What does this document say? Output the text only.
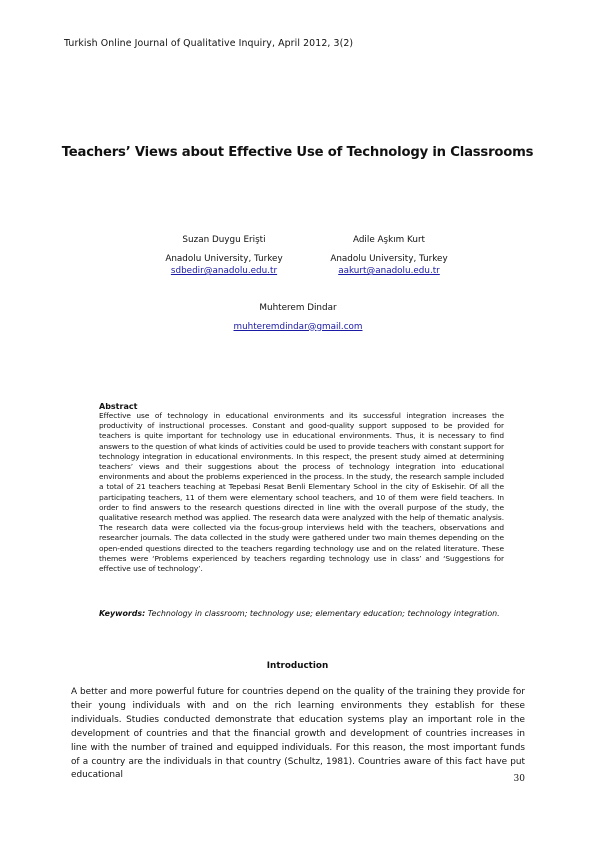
Turkish Online Journal of Qualitative Inquiry, April 2012, 3(2)
Teachers’ Views about Effective Use of Technology in Classrooms
Suzan Duygu Erişti
Anadolu University, Turkey
sdbedir@anadolu.edu.tr
Adile Aşkım Kurt
Anadolu University, Turkey
aakurt@anadolu.edu.tr
Muhterem Dindar
muhteremdindar@gmail.com
Abstract
Effective use of technology in educational environments and its successful integration increases the productivity of instructional processes. Constant and good-quality support supposed to be provided for teachers is quite important for technology use in educational environments. Thus, it is necessary to find answers to the question of what kinds of activities could be used to provide teachers with constant support for technology integration in educational environments. In this respect, the present study aimed at determining teachers’ views and their suggestions about the process of technology integration into educational environments and about the problems experienced in the process. In the study, the research sample included a total of 21 teachers teaching at Tepebasi Resat Benli Elementary School in the city of Eskisehir. Of all the participating teachers, 11 of them were elementary school teachers, and 10 of them were field teachers. In order to find answers to the research questions directed in line with the overall purpose of the study, the qualitative research method was applied. The research data were analyzed with the help of thematic analysis. The research data were collected via the focus-group interviews held with the teachers, observations and researcher journals. The data collected in the study were gathered under two main themes depending on the open-ended questions directed to the teachers regarding technology use and on the related literature. These themes were ‘Problems experienced by teachers regarding technology use in class’ and ‘Suggestions for effective use of technology’.
Keywords: Technology in classroom; technology use; elementary education; technology integration.
Introduction
A better and more powerful future for countries depend on the quality of the training they provide for their young individuals with and on the rich learning environments they establish for these individuals. Studies conducted demonstrate that education systems play an important role in the development of countries and that the financial growth and development of countries increases in line with the number of trained and equipped individuals. For this reason, the most important funds of a country are the individuals in that country (Schultz, 1981). Countries aware of this fact have put educational	30
